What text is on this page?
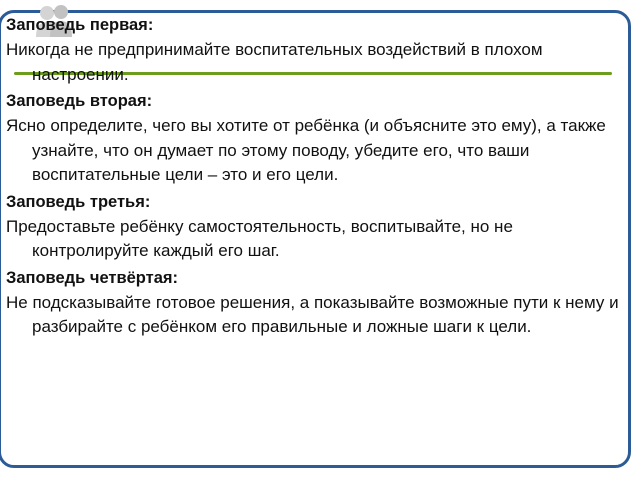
Заповедь первая:
Никогда не предпринимайте воспитательных воздействий в плохом настроении.
Заповедь вторая:
Ясно определите, чего вы хотите от ребёнка (и объясните это ему), а также узнайте, что он думает по этому поводу, убедите его, что ваши воспитательные цели – это и его цели.
Заповедь третья:
Предоставьте ребёнку самостоятельность, воспитывайте, но не контролируйте каждый его шаг.
Заповедь четвёртая:
Не подсказывайте готовое решения, а показывайте возможные пути к нему и разбирайте с ребёнком его правильные и ложные шаги к цели.
